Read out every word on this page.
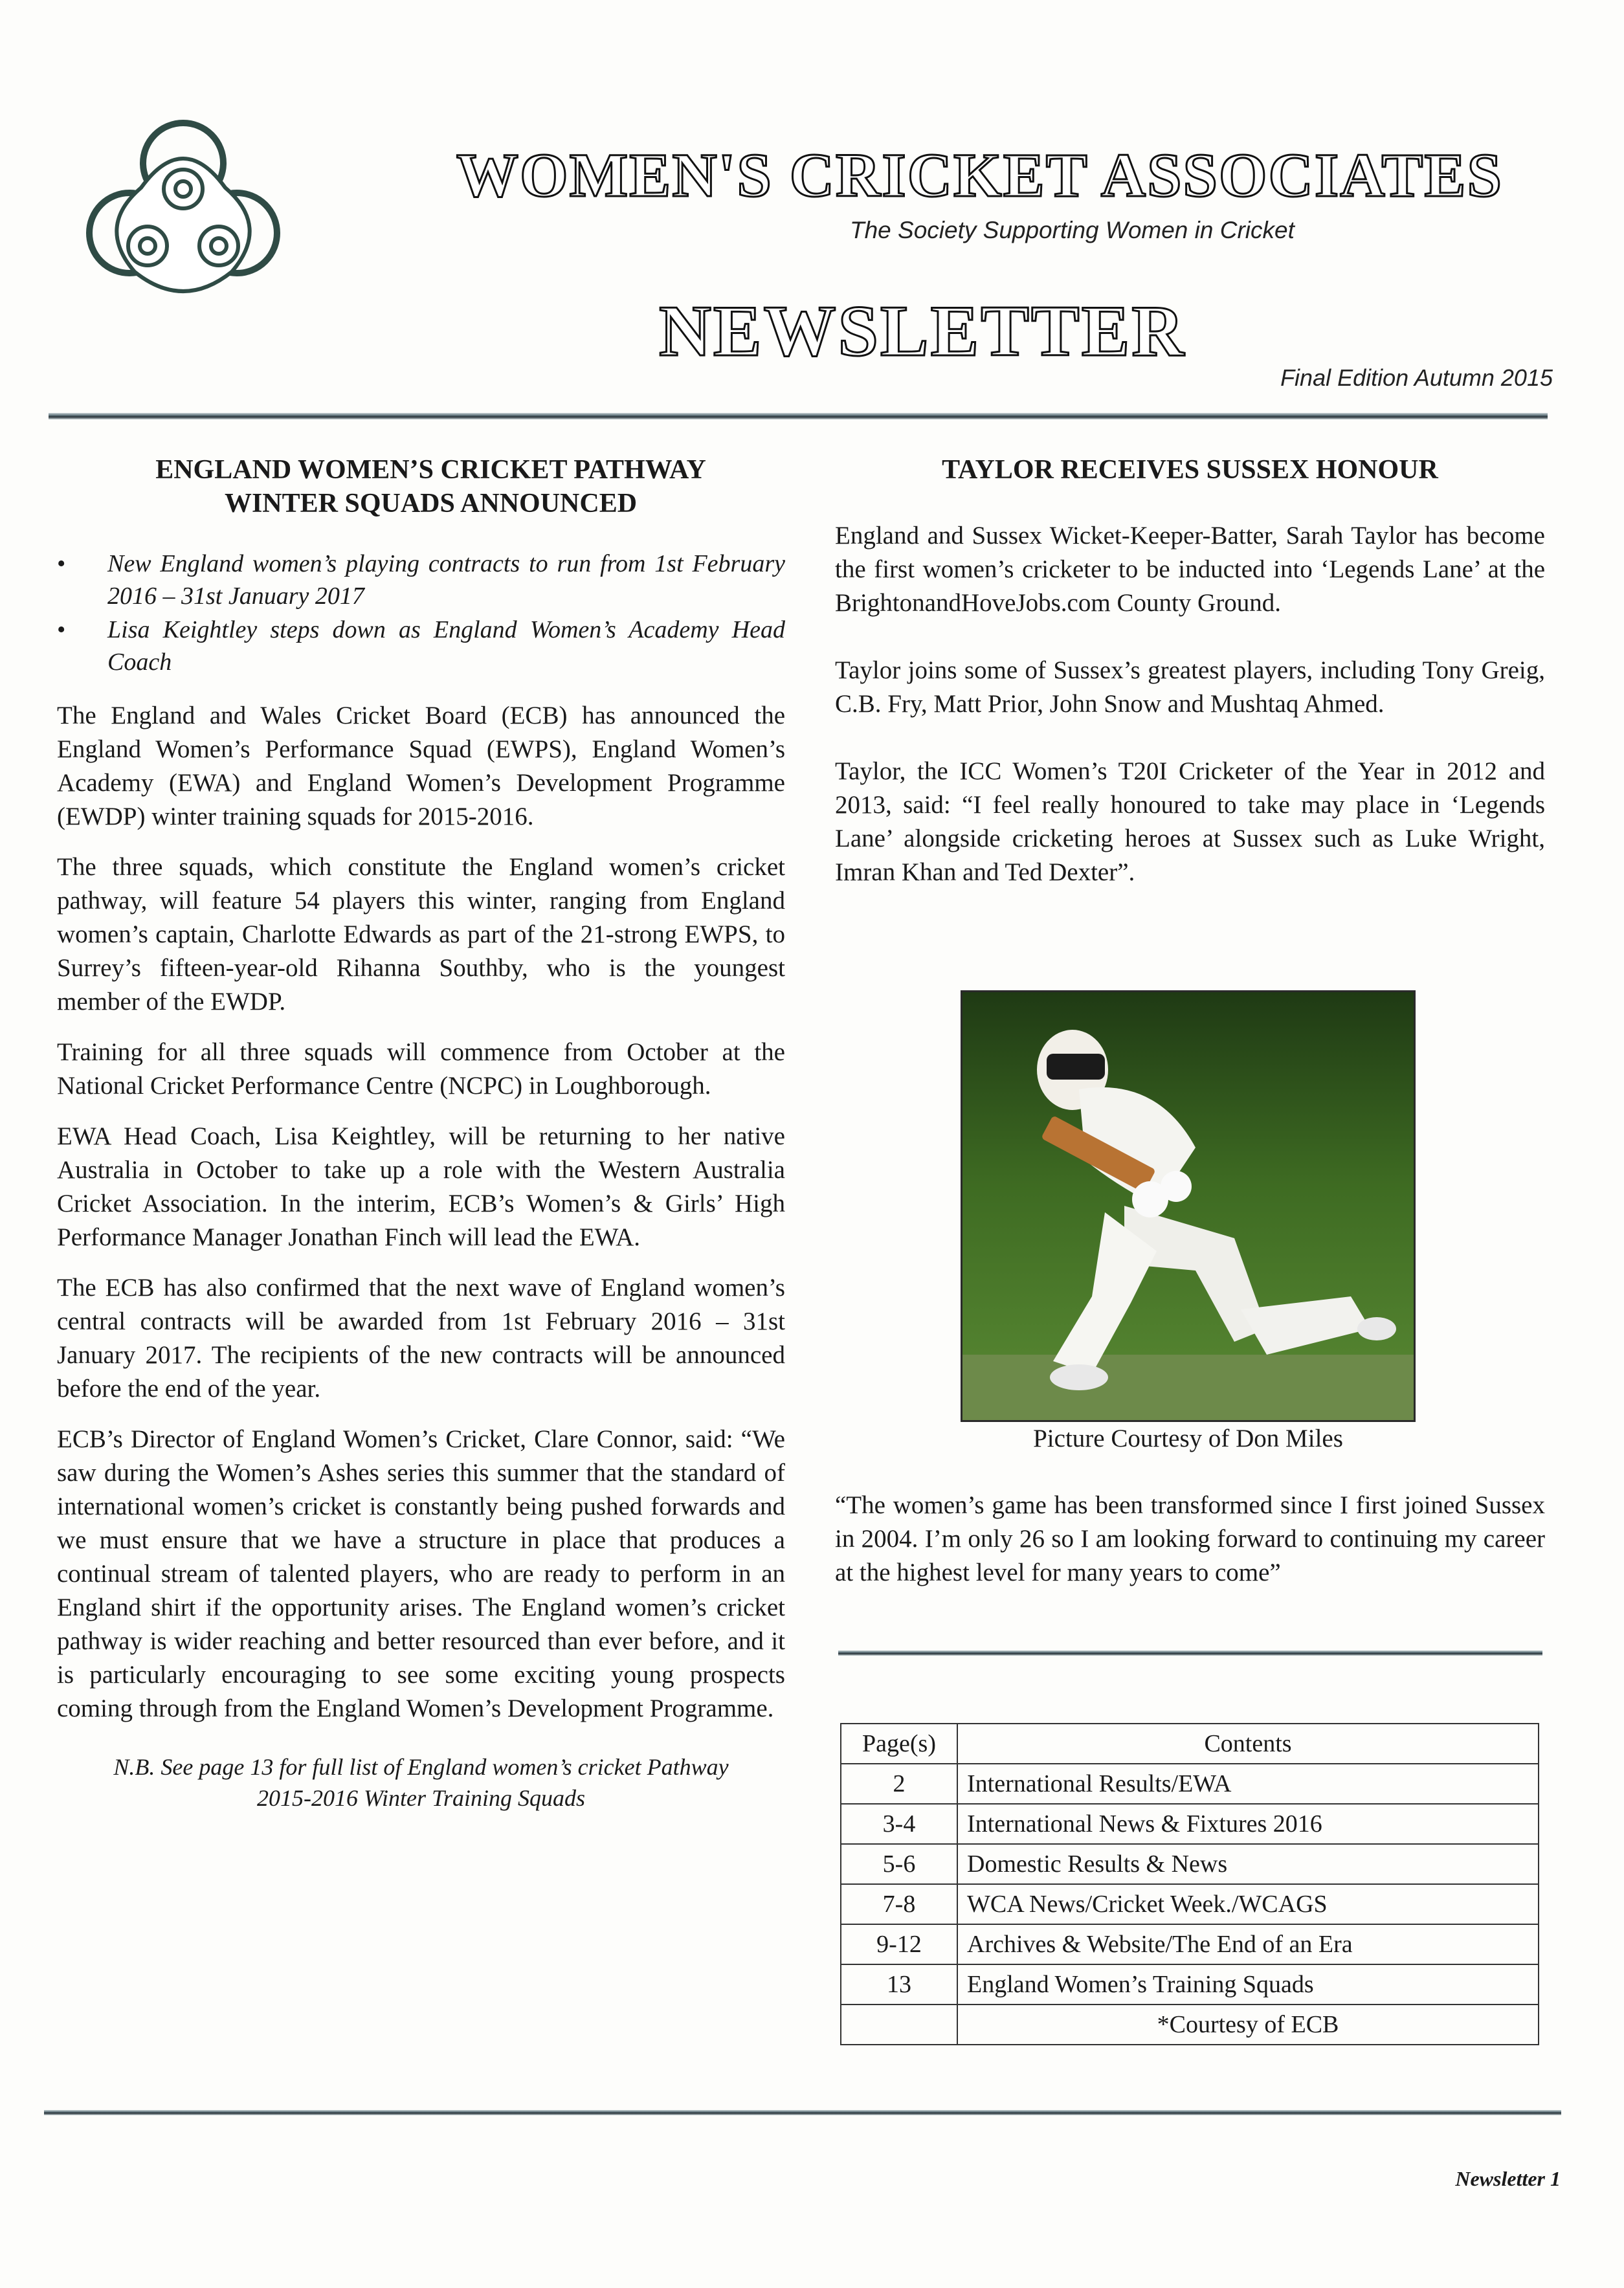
WOMEN'S CRICKET ASSOCIATES
The Society Supporting Women in Cricket
NEWSLETTER
Final Edition Autumn 2015
ENGLAND WOMEN’S CRICKET PATHWAY
WINTER SQUADS ANNOUNCED
• New England women’s playing contracts to run from 1st February 2016 – 31st January 2017
• Lisa Keightley steps down as England Women’s Academy Head Coach

The England and Wales Cricket Board (ECB) has announced the England Women’s Performance Squad (EWPS), England Women’s Academy (EWA) and England Women’s Development Programme (EWDP) winter training squads for 2015-2016.

The three squads, which constitute the England women’s cricket pathway, will feature 54 players this winter, ranging from England women’s captain, Charlotte Edwards as part of the 21-strong EWPS, to Surrey’s fifteen-year-old Rihanna Southby, who is the youngest member of the EWDP.

Training for all three squads will commence from October at the National Cricket Performance Centre (NCPC) in Loughborough.

EWA Head Coach, Lisa Keightley, will be returning to her native Australia in October to take up a role with the Western Australia Cricket Association. In the interim, ECB’s Women’s & Girls’ High Performance Manager Jonathan Finch will lead the EWA.

The ECB has also confirmed that the next wave of England women’s central contracts will be awarded from 1st February 2016 – 31st January 2017. The recipients of the new contracts will be announced before the end of the year.

ECB’s Director of England Women’s Cricket, Clare Connor, said: “We saw during the Women’s Ashes series this summer that the standard of international women’s cricket is constantly being pushed forwards and we must ensure that we have a structure in place that produces a continual stream of talented players, who are ready to perform in an England shirt if the opportunity arises. The England women’s cricket pathway is wider reaching and better resourced than ever before, and it is particularly encouraging to see some exciting young prospects coming through from the England Women’s Development Programme.

N.B. See page 13 for full list of England women’s cricket Pathway
2015-2016 Winter Training Squads
TAYLOR RECEIVES SUSSEX HONOUR

England and Sussex Wicket-Keeper-Batter, Sarah Taylor has become the first women’s cricketer to be inducted into ‘Legends Lane’ at the BrightonandHoveJobs.com County Ground.

Taylor joins some of Sussex’s greatest players, including Tony Greig, C.B. Fry, Matt Prior, John Snow and Mushtaq Ahmed.

Taylor, the ICC Women’s T20I Cricketer of the Year in 2012 and 2013, said: “I feel really honoured to take may place in ‘Legends Lane’ alongside cricketing heroes at Sussex such as Luke Wright, Imran Khan and Ted Dexter”.

Picture Courtesy of Don Miles
“The women’s game has been transformed since I first joined Sussex in 2004. I’m only 26 so I am looking forward to continuing my career at the highest level for many years to come”
Page(s)	Contents
2	International Results/EWA
3-4	International News & Fixtures 2016
5-6	Domestic Results & News
7-8	WCA News/Cricket Week./WCAGS
9-12	Archives & Website/The End of an Era
13	England Women’s Training Squads
	*Courtesy of ECB
Newsletter 1
